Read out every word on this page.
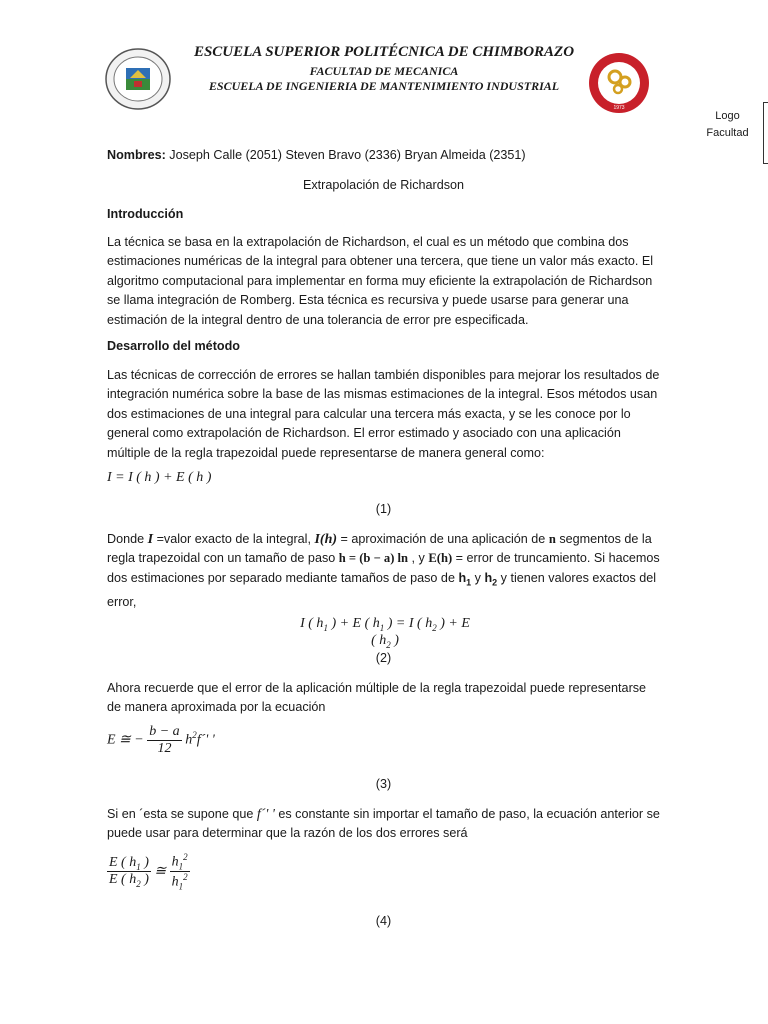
ESCUELA SUPERIOR POLITÉCNICA DE CHIMBORAZO
FACULTAD DE MECANICA
ESCUELA DE INGENIERIA DE MANTENIMIENTO INDUSTRIAL
1973
Logo
Facultad
Nombres: Joseph Calle (2051) Steven Bravo (2336) Bryan Almeida (2351)
Extrapolación de Richardson
Introducción
La técnica se basa en la extrapolación de Richardson, el cual es un método que combina dos estimaciones numéricas de la integral para obtener una tercera, que tiene un valor más exacto. El algoritmo computacional para implementar en forma muy eficiente la extrapolación de Richardson se llama integración de Romberg. Esta técnica es recursiva y puede usarse para generar una estimación de la integral dentro de una tolerancia de error pre especificada.
Desarrollo del método
Las técnicas de corrección de errores se hallan también disponibles para mejorar los resultados de integración numérica sobre la base de las mismas estimaciones de la integral. Esos métodos usan dos estimaciones de una integral para calcular una tercera más exacta, y se les conoce por lo general como extrapolación de Richardson. El error estimado y asociado con una aplicación múltiple de la regla trapezoidal puede representarse de manera general como:
I = I ( h ) + E ( h )
(1)
Donde I =valor exacto de la integral, I(h) = aproximación de una aplicación de n segmentos de la regla trapezoidal con un tamaño de paso h = (b − a) ln , y E(h) = error de truncamiento. Si hacemos dos estimaciones por separado mediante tamaños de paso de $h_1$ y $h_2$ y tienen valores exactos del error,
I ( $h_1$ ) + E ( $h_1$ ) = I ( $h_2$ ) + E ( $h_2$ )
(2)
Ahora recuerde que el error de la aplicación múltiple de la regla trapezoidal puede representarse de manera aproximada por la ecuación
E ≅ − $\frac{b - a}{12}$ $h^2f´'$ '
(3)
Si en ´esta se supone que f´' ' es constante sin importar el tamaño de paso, la ecuación anterior se puede usar para determinar que la razón de los dos errores será
$\frac{E ( h_1 )}{E ( h_2 )}$ ≅ $\frac{h_1^2}{h_1^2}$
(4)
